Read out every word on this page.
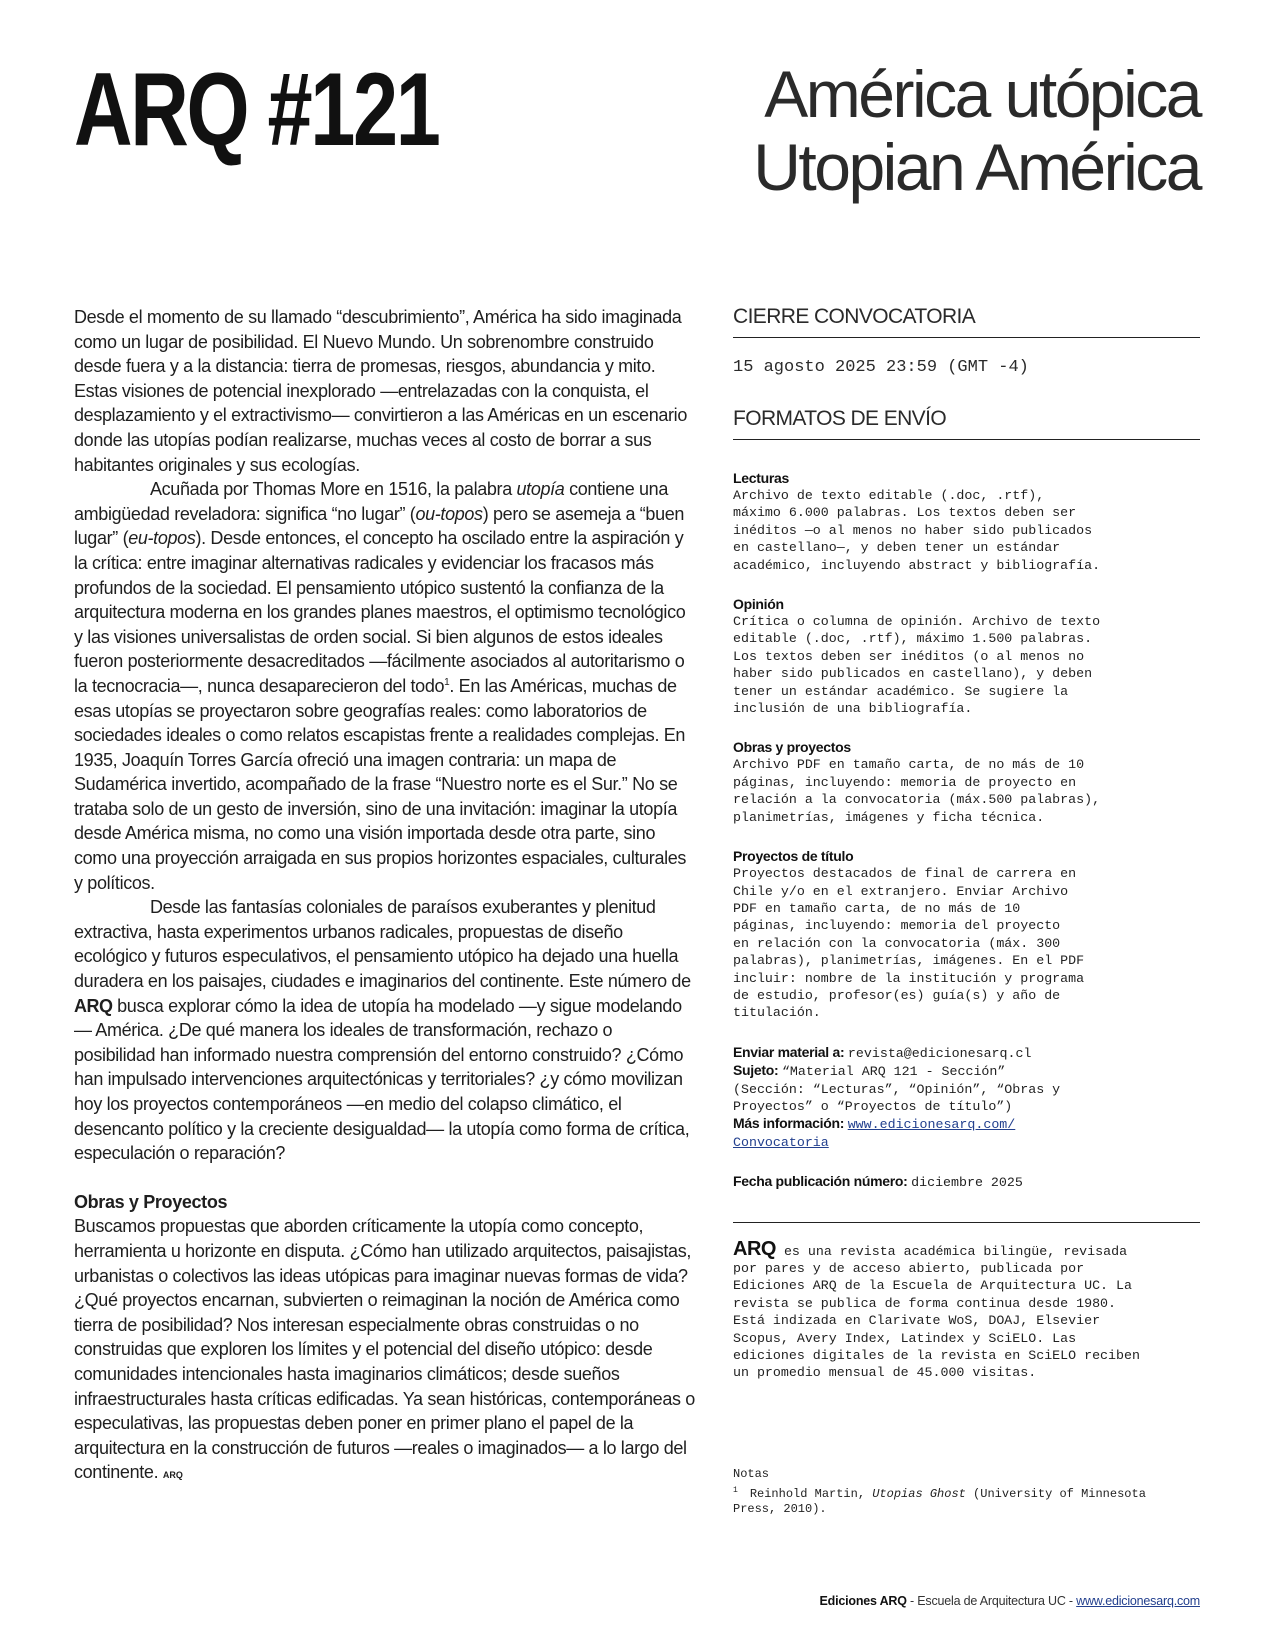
ARQ #121	América utópica
Utopian América

Desde el momento de su llamado “descubrimiento”, América ha sido imaginada como un lugar de posibilidad. El Nuevo Mundo. Un sobrenombre construido desde fuera y a la distancia: tierra de promesas, riesgos, abundancia y mito. Estas visiones de potencial inexplorado —entrelazadas con la conquista, el desplazamiento y el extractivismo— convirtieron a las Américas en un escenario donde las utopías podían realizarse, muchas veces al costo de borrar a sus habitantes originales y sus ecologías.

Acuñada por Thomas More en 1516, la palabra utopía contiene una ambigüedad reveladora: significa “no lugar” (ou-topos) pero se asemeja a “buen lugar” (eu-topos). Desde entonces, el concepto ha oscilado entre la aspiración y la crítica: entre imaginar alternativas radicales y evidenciar los fracasos más profundos de la sociedad. El pensamiento utópico sustentó la confianza de la arquitectura moderna en los grandes planes maestros, el optimismo tecnológico y las visiones universalistas de orden social. Si bien algunos de estos ideales fueron posteriormente desacreditados —fácilmente asociados al autoritarismo o la tecnocracia—, nunca desaparecieron del todo$^1$. En las Américas, muchas de esas utopías se proyectaron sobre geografías reales: como laboratorios de sociedades ideales o como relatos escapistas frente a realidades complejas. En 1935, Joaquín Torres García ofreció una imagen contraria: un mapa de Sudamérica invertido, acompañado de la frase “Nuestro norte es el Sur.” No se trataba solo de un gesto de inversión, sino de una invitación: imaginar la utopía desde América misma, no como una visión importada desde otra parte, sino como una proyección arraigada en sus propios horizontes espaciales, culturales y políticos.

Desde las fantasías coloniales de paraísos exuberantes y plenitud extractiva, hasta experimentos urbanos radicales, propuestas de diseño ecológico y futuros especulativos, el pensamiento utópico ha dejado una huella duradera en los paisajes, ciudades e imaginarios del continente. Este número de ARQ busca explorar cómo la idea de utopía ha modelado —y sigue modelando— América. ¿De qué manera los ideales de transformación, rechazo o posibilidad han informado nuestra comprensión del entorno construido? ¿Cómo han impulsado intervenciones arquitectónicas y territoriales? ¿y cómo movilizan hoy los proyectos contemporáneos —en medio del colapso climático, el desencanto político y la creciente desigualdad— la utopía como forma de crítica, especulación o reparación?

Obras y Proyectos

Buscamos propuestas que aborden críticamente la utopía como concepto, herramienta u horizonte en disputa. ¿Cómo han utilizado arquitectos, paisajistas, urbanistas o colectivos las ideas utópicas para imaginar nuevas formas de vida? ¿Qué proyectos encarnan, subvierten o reimaginan la noción de América como tierra de posibilidad? Nos interesan especialmente obras construidas o no construidas que exploren los límites y el potencial del diseño utópico: desde comunidades intencionales hasta imaginarios climáticos; desde sueños infraestructurales hasta críticas edificadas. Ya sean históricas, contemporáneas o especulativas, las propuestas deben poner en primer plano el papel de la arquitectura en la construcción de futuros —reales o imaginados— a lo largo del continente. ARQ

CIERRE CONVOCATORIA
15 agosto 2025 23:59 (GMT -4)
FORMATOS DE ENVÍO
Lecturas
Archivo de texto editable (.doc, .rtf),
máximo 6.000 palabras. Los textos deben ser
inéditos —o al menos no haber sido publicados
en castellano—, y deben tener un estándar
académico, incluyendo abstract y bibliografía.
Opinión
Crítica o columna de opinión. Archivo de texto
editable (.doc, .rtf), máximo 1.500 palabras.
Los textos deben ser inéditos (o al menos no
haber sido publicados en castellano), y deben
tener un estándar académico. Se sugiere la
inclusión de una bibliografía.
Obras y proyectos
Archivo PDF en tamaño carta, de no más de 10
páginas, incluyendo: memoria de proyecto en
relación a la convocatoria (máx.500 palabras),
planimetrías, imágenes y ficha técnica.
Proyectos de título
Proyectos destacados de final de carrera en
Chile y/o en el extranjero. Enviar Archivo
PDF en tamaño carta, de no más de 10
páginas, incluyendo: memoria del proyecto
en relación con la convocatoria (máx. 300
palabras), planimetrías, imágenes. En el PDF
incluir: nombre de la institución y programa
de estudio, profesor(es) guía(s) y año de
titulación.
Enviar material a: revista@edicionesarq.cl
Sujeto: “Material ARQ 121 - Sección”
(Sección: “Lecturas”, “Opinión”, “Obras y
Proyectos” o “Proyectos de título”)
Más información: www.edicionesarq.com/
Convocatoria
Fecha publicación número: diciembre 2025
ARQ es una revista académica bilingüe, revisada
por pares y de acceso abierto, publicada por
Ediciones ARQ de la Escuela de Arquitectura UC. La
revista se publica de forma continua desde 1980.
Está indizada en Clarivate WoS, DOAJ, Elsevier
Scopus, Avery Index, Latindex y SciELO. Las
ediciones digitales de la revista en SciELO reciben
un promedio mensual de 45.000 visitas.
Notas
$^1$ Reinhold Martin, Utopias Ghost (University of Minnesota
Press, 2010).
Ediciones ARQ - Escuela de Arquitectura UC - www.edicionesarq.com
